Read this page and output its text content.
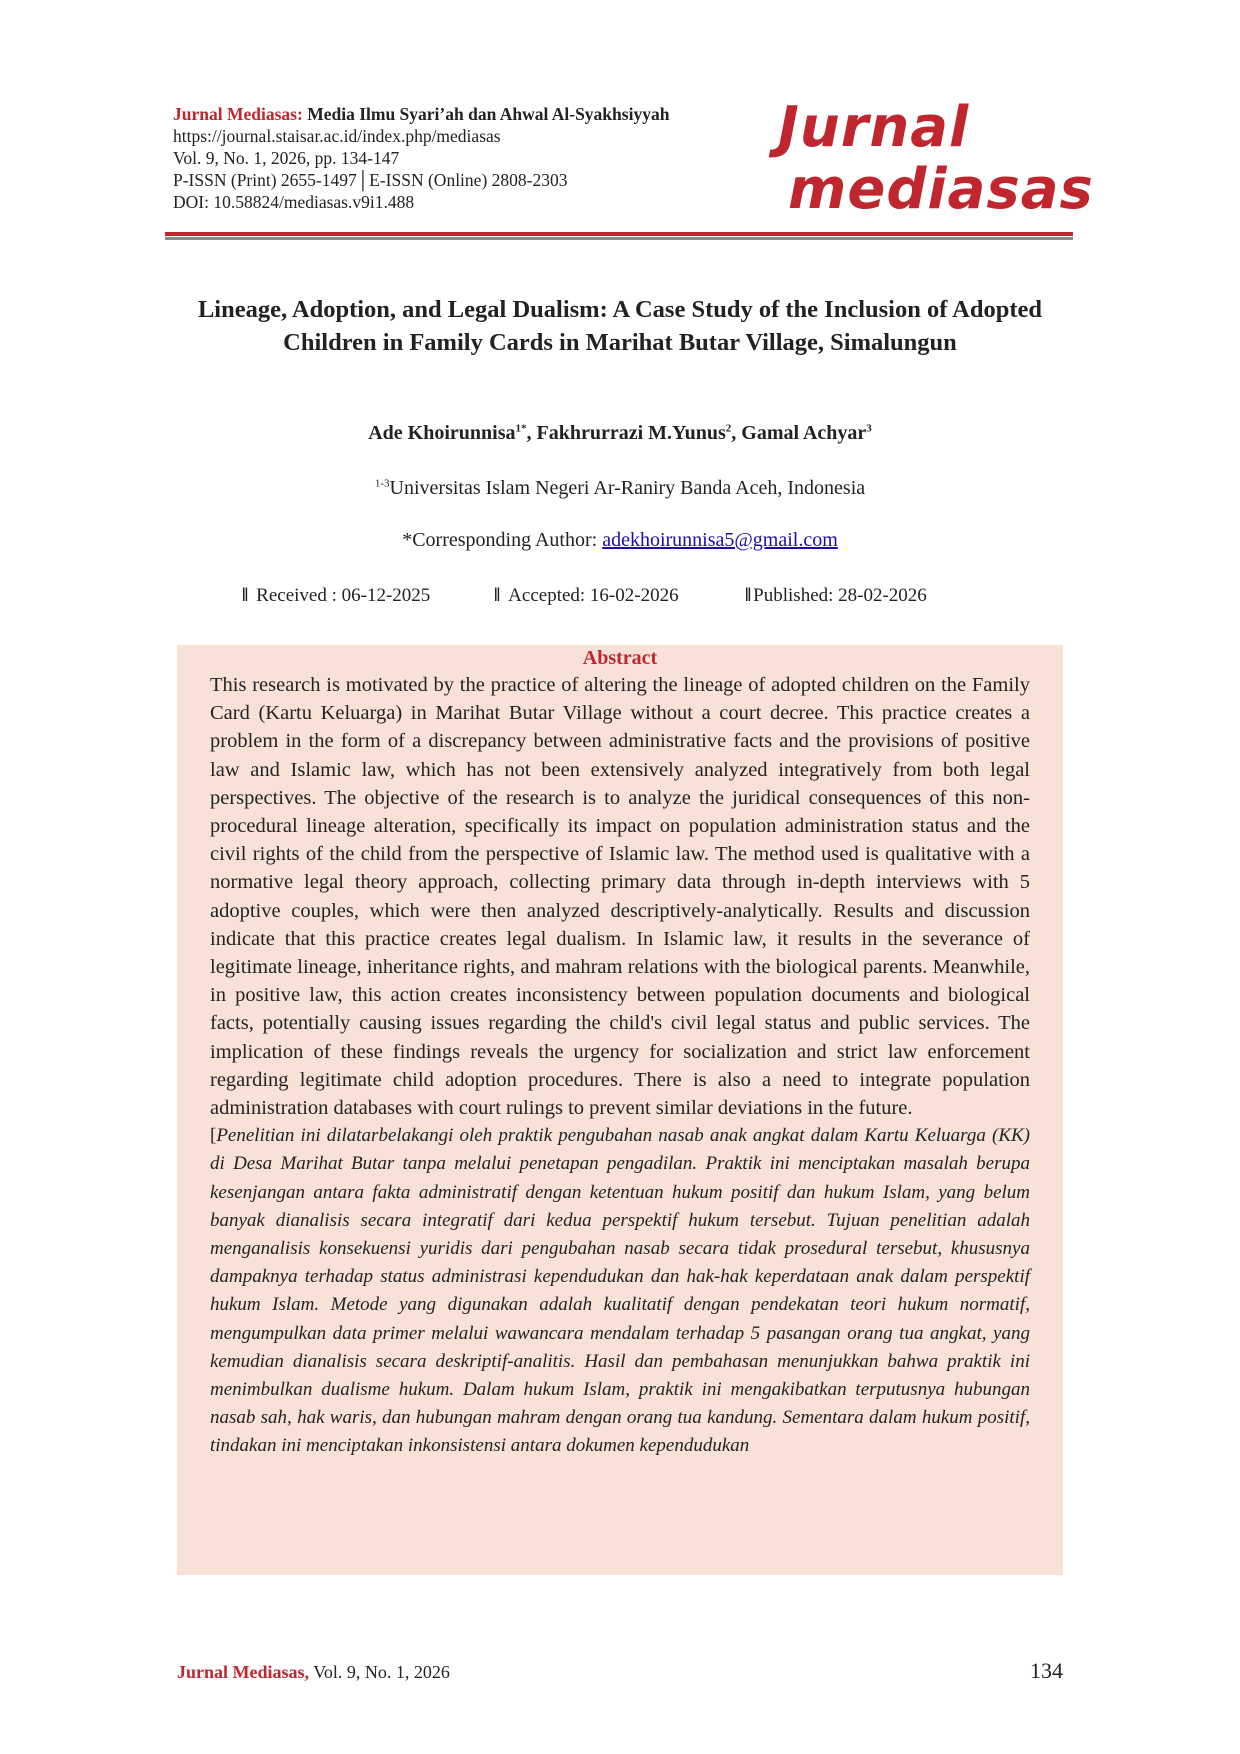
Jurnal Mediasas: Media Ilmu Syari’ah dan Ahwal Al-Syakhsiyyah
https://journal.staisar.ac.id/index.php/mediasas
Vol. 9, No. 1, 2026, pp. 134-147
P-ISSN (Print) 2655-1497│E-ISSN (Online) 2808-2303
DOI: 10.58824/mediasas.v9i1.488
Jurnal
mediasas
Lineage, Adoption, and Legal Dualism: A Case Study of the Inclusion of Adopted Children in Family Cards in Marihat Butar Village, Simalungun
Ade Khoirunnisa$^{1*}$, Fakhrurrazi M.Yunus$^2$, Gamal Achyar$^3$
$^{1-3}$Universitas Islam Negeri Ar-Raniry Banda Aceh, Indonesia
*Corresponding Author: adekhoirunnisa5@gmail.com
‖ Received : 06-12-2025	‖ Accepted: 16-02-2026	‖ Published: 28-02-2026
Abstract

This research is motivated by the practice of altering the lineage of adopted children on the Family Card (Kartu Keluarga) in Marihat Butar Village without a court decree. This practice creates a problem in the form of a discrepancy between administrative facts and the provisions of positive law and Islamic law, which has not been extensively analyzed integratively from both legal perspectives. The objective of the research is to analyze the juridical consequences of this non-procedural lineage alteration, specifically its impact on population administration status and the civil rights of the child from the perspective of Islamic law. The method used is qualitative with a normative legal theory approach, collecting primary data through in-depth interviews with 5 adoptive couples, which were then analyzed descriptively-analytically. Results and discussion indicate that this practice creates legal dualism. In Islamic law, it results in the severance of legitimate lineage, inheritance rights, and mahram relations with the biological parents. Meanwhile, in positive law, this action creates inconsistency between population documents and biological facts, potentially causing issues regarding the child's civil legal status and public services. The implication of these findings reveals the urgency for socialization and strict law enforcement regarding legitimate child adoption procedures. There is also a need to integrate population administration databases with court rulings to prevent similar deviations in the future.

[Penelitian ini dilatarbelakangi oleh praktik pengubahan nasab anak angkat dalam Kartu Keluarga (KK) di Desa Marihat Butar tanpa melalui penetapan pengadilan. Praktik ini menciptakan masalah berupa kesenjangan antara fakta administratif dengan ketentuan hukum positif dan hukum Islam, yang belum banyak dianalisis secara integratif dari kedua perspektif hukum tersebut. Tujuan penelitian adalah menganalisis konsekuensi yuridis dari pengubahan nasab secara tidak prosedural tersebut, khususnya dampaknya terhadap status administrasi kependudukan dan hak-hak keperdataan anak dalam perspektif hukum Islam. Metode yang digunakan adalah kualitatif dengan pendekatan teori hukum normatif, mengumpulkan data primer melalui wawancara mendalam terhadap 5 pasangan orang tua angkat, yang kemudian dianalisis secara deskriptif-analitis. Hasil dan pembahasan menunjukkan bahwa praktik ini menimbulkan dualisme hukum. Dalam hukum Islam, praktik ini mengakibatkan terputusnya hubungan nasab sah, hak waris, dan hubungan mahram dengan orang tua kandung. Sementara dalam hukum positif, tindakan ini menciptakan inkonsistensi antara dokumen kependudukan

Jurnal Mediasas, Vol. 9, No. 1, 2026	134
